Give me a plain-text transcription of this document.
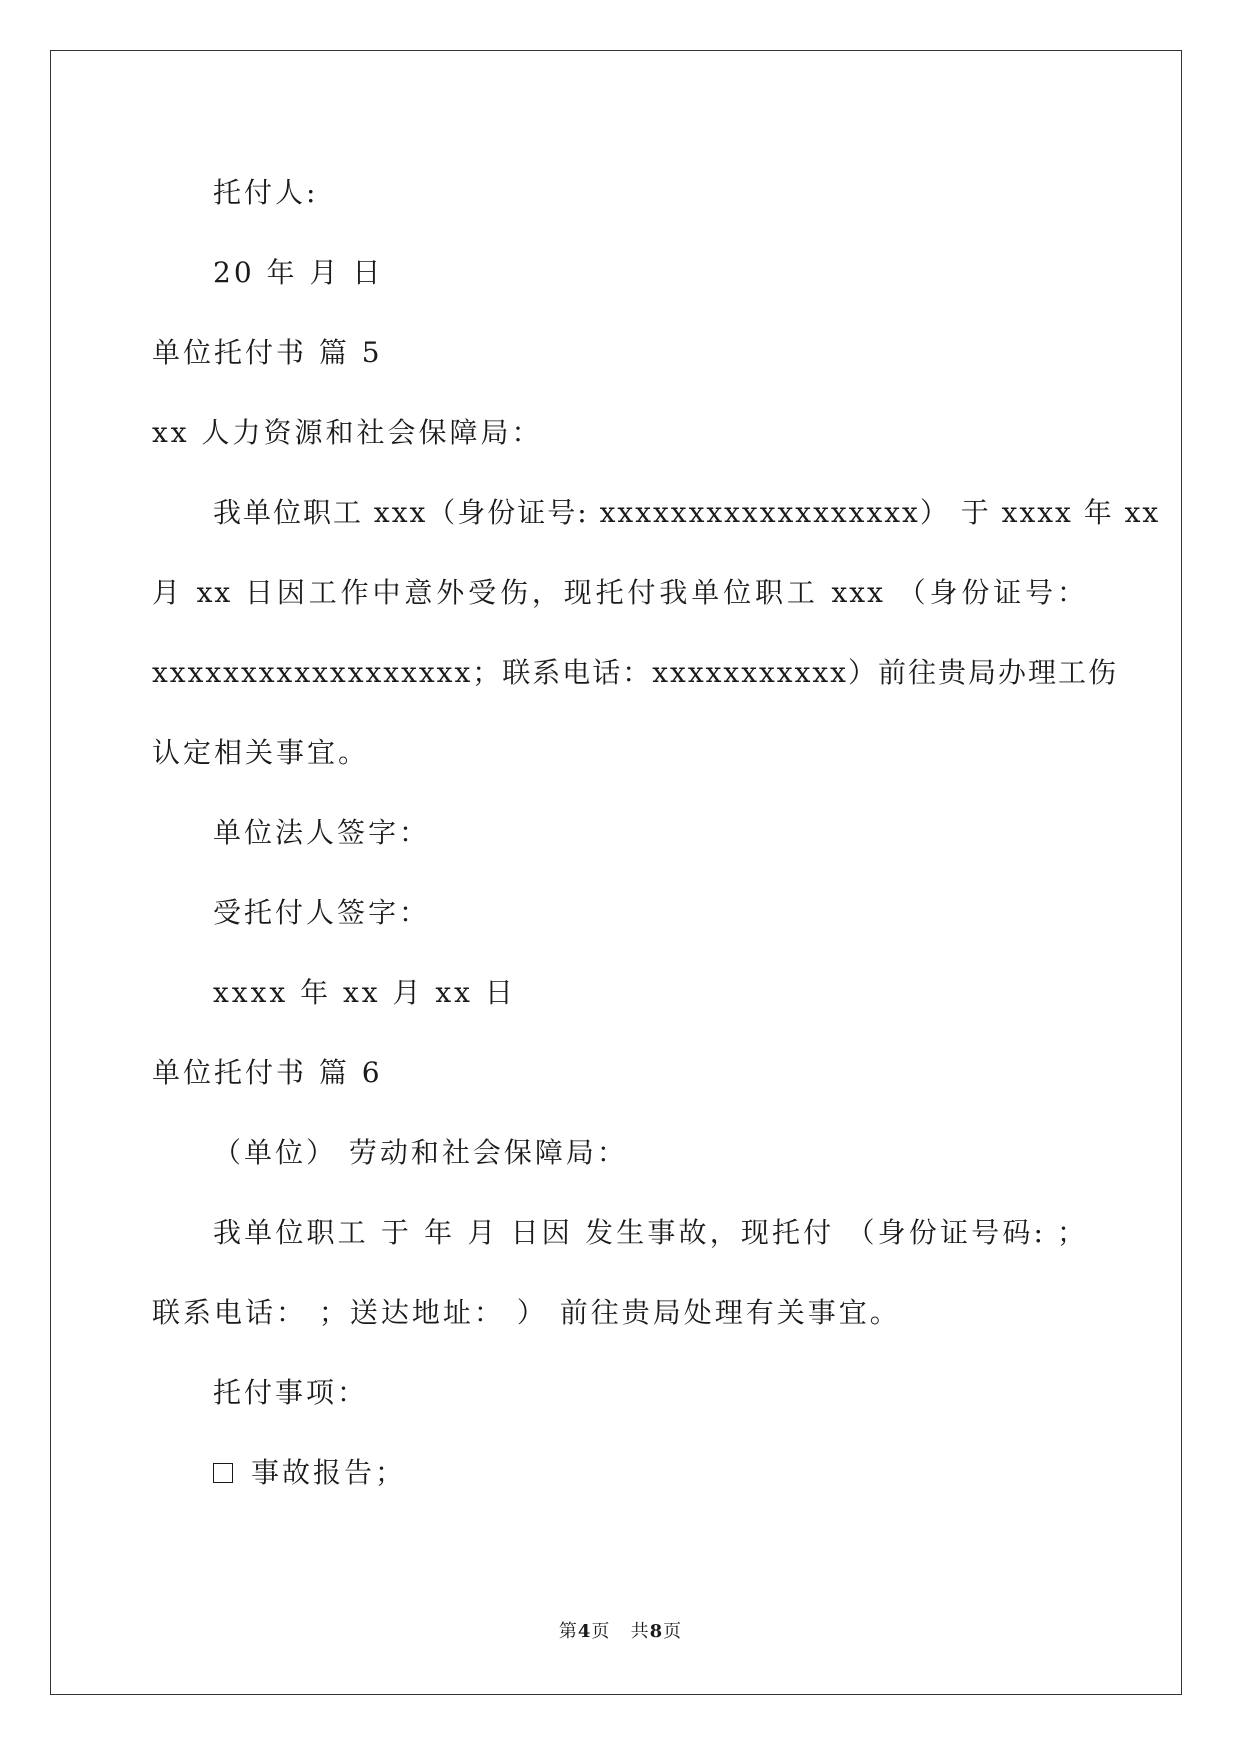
托付人:
20 年 月 日
单位托付书 篇 5
xx 人力资源和社会保障局：
我单位职工 xxx（身份证号: xxxxxxxxxxxxxxxxxx） 于 xxxx 年 xx
月 xx 日因工作中意外受伤，现托付我单位职工 xxx （身份证号：
xxxxxxxxxxxxxxxxxx；联系电话：xxxxxxxxxxx）前往贵局办理工伤
认定相关事宜。
单位法人签字：
受托付人签字：
xxxx 年 xx 月 xx 日
单位托付书 篇 6
（单位） 劳动和社会保障局：
我单位职工 于 年 月 日因 发生事故，现托付 （身份证号码: ；
联系电话： ；送达地址： ） 前往贵局处理有关事宜。
托付事项：
事故报告；
第4页   共8页
